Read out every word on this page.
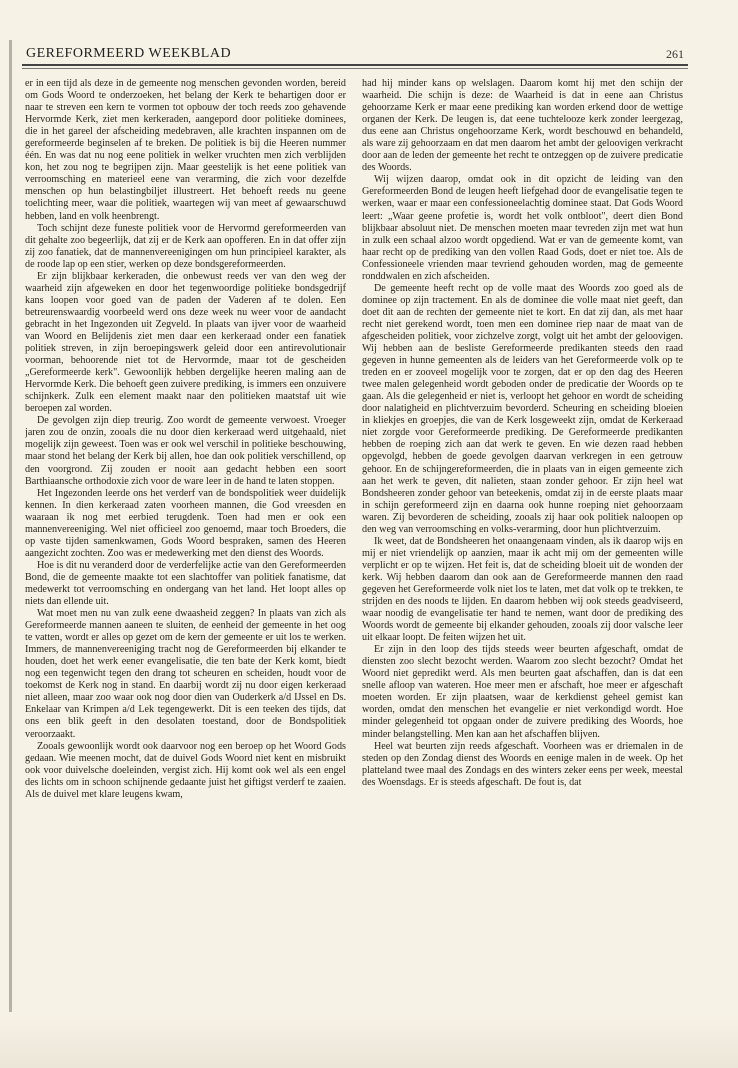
GEREFORMEERD WEEKBLAD	261

er in een tijd als deze in de gemeente nog menschen gevonden worden, bereid om Gods Woord te onderzoeken, het belang der Kerk te behartigen door er naar te streven een kern te vormen tot opbouw der toch reeds zoo gehavende Hervormde Kerk, ziet men kerkeraden, aangepord door politieke dominees, die in het gareel der afscheiding medebraven, alle krachten inspannen om de gereformeerde beginselen af te breken. De politiek is bij die Heeren nummer één. En was dat nu nog eene politiek in welker vruchten men zich verblijden kon, het zou nog te begrijpen zijn. Maar geestelijk is het eene politiek van verroomsching en materieel eene van verarming, die zich voor dezelfde menschen op hun belastingbiljet illustreert. Het behoeft reeds nu geene toelichting meer, waar die politiek, waartegen wij van meet af gewaarschuwd hebben, land en volk heenbrengt.

Toch schijnt deze funeste politiek voor de Hervormd gereformeerden van dit gehalte zoo begeerlijk, dat zij er de Kerk aan opofferen. En in dat offer zijn zij zoo fanatiek, dat de mannenvereenigingen om hun principieel karakter, als de roode lap op een stier, werken op deze bondsgereformeerden.

Er zijn blijkbaar kerkeraden, die onbewust reeds ver van den weg der waarheid zijn afgeweken en door het tegenwoordige politieke bondsgedrijf kans loopen voor goed van de paden der Vaderen af te dolen. Een betreurenswaardig voorbeeld werd ons deze week nu weer voor de aandacht gebracht in het Ingezonden uit Zegveld. In plaats van ijver voor de waarheid van Woord en Belijdenis ziet men daar een kerkeraad onder een fanatiek politiek streven, in zijn beroepingswerk geleid door een antirevolutionair voorman, behoorende niet tot de Hervormde, maar tot de gescheiden „Gereformeerde kerk". Gewoonlijk hebben dergelijke heeren maling aan de Hervormde Kerk. Die behoeft geen zuivere prediking, is immers een onzuivere schijnkerk. Zulk een element maakt naar den politieken maatstaf uit wie beroepen zal worden.

De gevolgen zijn diep treurig. Zoo wordt de gemeente verwoest. Vroeger jaren zou de onzin, zooals die nu door dien kerkeraad werd uitgehaald, niet mogelijk zijn geweest. Toen was er ook wel verschil in politieke beschouwing, maar stond het belang der Kerk bij allen, hoe dan ook politiek verschillend, op den voorgrond. Zij zouden er nooit aan gedacht hebben een soort Barthiaansche orthodoxie zich voor de ware leer in de hand te laten stoppen.

Het Ingezonden leerde ons het verderf van de bondspolitiek weer duidelijk kennen. In dien kerkeraad zaten voorheen mannen, die God vreesden en waaraan ik nog met eerbied terugdenk. Toen had men er ook een mannenvereeniging. Wel niet officieel zoo genoemd, maar toch Broeders, die op vaste tijden samenkwamen, Gods Woord bespraken, samen des Heeren aangezicht zochten. Zoo was er medewerking met den dienst des Woords.

Hoe is dit nu veranderd door de verderfelijke actie van den Gereformeerden Bond, die de gemeente maakte tot een slachtoffer van politiek fanatisme, dat medewerkt tot verroomsching en ondergang van het land. Het loopt alles op niets dan ellende uit.

Wat moet men nu van zulk eene dwaasheid zeggen? In plaats van zich als Gereformeerde mannen aaneen te sluiten, de eenheid der gemeente in het oog te vatten, wordt er alles op gezet om de kern der gemeente er uit los te werken. Immers, de mannenvereeniging tracht nog de Gereformeerden bij elkander te houden, doet het werk eener evangelisatie, die ten bate der Kerk komt, biedt nog een tegenwicht tegen den drang tot scheuren en scheiden, houdt voor de toekomst de Kerk nog in stand. En daarbij wordt zij nu door eigen kerkeraad niet alleen, maar zoo waar ook nog door dien van Ouderkerk a/d IJssel en Ds. Enkelaar van Krimpen a/d Lek tegengewerkt. Dit is een teeken des tijds, dat ons een blik geeft in den desolaten toestand, door de Bondspolitiek veroorzaakt.

Zooals gewoonlijk wordt ook daarvoor nog een beroep op het Woord Gods gedaan. Wie meenen mocht, dat de duivel Gods Woord niet kent en misbruikt ook voor duivelsche doeleinden, vergist zich. Hij komt ook wel als een engel des lichts om in schoon schijnende gedaante juist het giftigst verderf te zaaien. Als de duivel met klare leugens kwam,

had hij minder kans op welslagen. Daarom komt hij met den schijn der waarheid. Die schijn is deze: de Waarheid is dat in eene aan Christus gehoorzame Kerk er maar eene prediking kan worden erkend door de wettige organen der Kerk. De leugen is, dat eene tuchtelooze kerk zonder leergezag, dus eene aan Christus ongehoorzame Kerk, wordt beschouwd en behandeld, als ware zij gehoorzaam en dat men daarom het ambt der geloovigen verkracht door aan de leden der gemeente het recht te ontzeggen op de zuivere predicatie des Woords.

Wij wijzen daarop, omdat ook in dit opzicht de leiding van den Gereformeerden Bond de leugen heeft liefgehad door de evangelisatie tegen te werken, waar er maar een confessioneelachtig dominee staat. Dat Gods Woord leert: „Waar geene profetie is, wordt het volk ontbloot", deert dien Bond blijkbaar absoluut niet. De menschen moeten maar tevreden zijn met wat hun in zulk een schaal alzoo wordt opgediend. Wat er van de gemeente komt, van haar recht op de prediking van den vollen Raad Gods, doet er niet toe. Als de Confessioneele vrienden maar tevriend gehouden worden, mag de gemeente ronddwalen en zich afscheiden.

De gemeente heeft recht op de volle maat des Woords zoo goed als de dominee op zijn tractement. En als de dominee die volle maat niet geeft, dan doet dit aan de rechten der gemeente niet te kort. En dat zij dan, als met haar recht niet gerekend wordt, toen men een dominee riep naar de maat van de afgescheiden politiek, voor zichzelve zorgt, volgt uit het ambt der geloovigen. Wij hebben aan de besliste Gereformeerde predikanten steeds den raad gegeven in hunne gemeenten als de leiders van het Gereformeerde volk op te treden en er zooveel mogelijk voor te zorgen, dat er op den dag des Heeren twee malen gelegenheid wordt geboden onder de predicatie der Woords op te gaan. Als die gelegenheid er niet is, verloopt het gehoor en wordt de scheiding door nalatigheid en plichtverzuim bevorderd. Scheuring en scheiding bloeien in kliekjes en groepjes, die van de Kerk losgeweekt zijn, omdat de Kerkeraad niet zorgde voor Gereformeerde prediking. De Gereformeerde predikanten hebben de roeping zich aan dat werk te geven. En wie dezen raad hebben opgevolgd, hebben de goede gevolgen daarvan verkregen in een getrouw gehoor. En de schijngereformeerden, die in plaats van in eigen gemeente zich aan het werk te geven, dit nalieten, staan zonder gehoor. Er zijn heel wat Bondsheeren zonder gehoor van beteekenis, omdat zij in de eerste plaats maar in schijn gereformeerd zijn en daarna ook hunne roeping niet gehoorzaam waren. Zij bevorderen de scheiding, zooals zij haar ook politiek naloopen op den weg van verroomsching en volks-verarming, door hun plichtverzuim.

Ik weet, dat de Bondsheeren het onaangenaam vinden, als ik daarop wijs en mij er niet vriendelijk op aanzien, maar ik acht mij om der gemeenten wille verplicht er op te wijzen. Het feit is, dat de scheiding bloeit uit de wonden der kerk. Wij hebben daarom dan ook aan de Gereformeerde mannen den raad gegeven het Gereformeerde volk niet los te laten, met dat volk op te trekken, te strijden en des noods te lijden. En daarom hebben wij ook steeds geadviseerd, waar noodig de evangelisatie ter hand te nemen, want door de prediking des Woords wordt de gemeente bij elkander gehouden, zooals zij door valsche leer uit elkaar loopt. De feiten wijzen het uit.

Er zijn in den loop des tijds steeds weer beurten afgeschaft, omdat de diensten zoo slecht bezocht werden. Waarom zoo slecht bezocht? Omdat het Woord niet gepredikt werd. Als men beurten gaat afschaffen, dan is dat een snelle afloop van wateren. Hoe meer men er afschaft, hoe meer er afgeschaft moeten worden. Er zijn plaatsen, waar de kerkdienst geheel gemist kan worden, omdat den menschen het evangelie er niet verkondigd wordt. Hoe minder gelegenheid tot opgaan onder de zuivere prediking des Woords, hoe minder belangstelling. Men kan aan het afschaffen blijven.

Heel wat beurten zijn reeds afgeschaft. Voorheen was er driemalen in de steden op den Zondag dienst des Woords en eenige malen in de week. Op het platteland twee maal des Zondags en des winters zeker eens per week, meestal des Woensdags. Er is steeds afgeschaft. De fout is, dat
